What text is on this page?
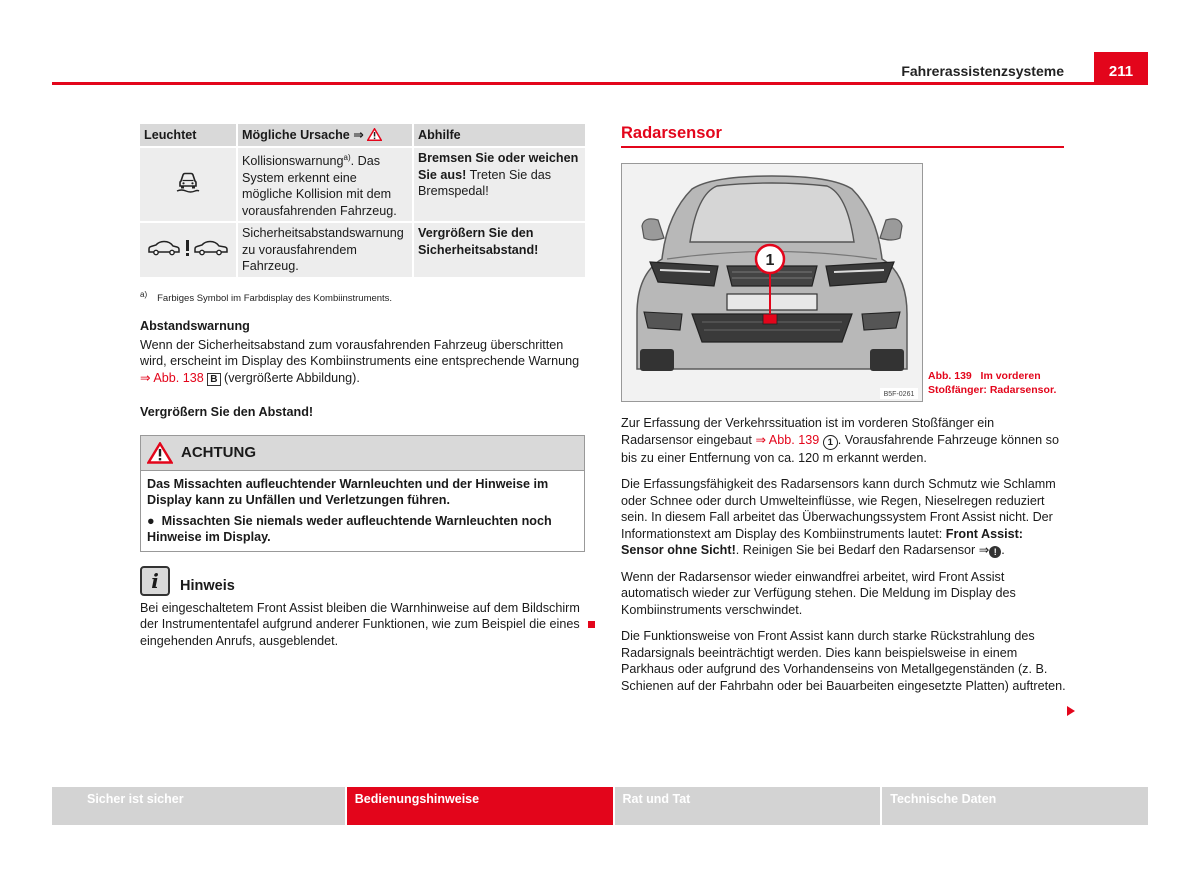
Fahrerassistenzsysteme	211
Leuchtet	Mögliche Ursache ⇒	Abhilfe
	Kollisionswarnung$^{a)}$. Das System erkennt eine mögliche Kollision mit dem vorausfahrenden Fahrzeug.	Bremsen Sie oder weichen Sie aus! Treten Sie das Bremspedal!
	Sicherheitsabstandswarnung zu vorausfahrendem Fahrzeug.	Vergrößern Sie den Sicherheitsabstand!
$^{a)}$ Farbiges Symbol im Farbdisplay des Kombiinstruments.
Abstandswarnung

Wenn der Sicherheitsabstand zum vorausfahrenden Fahrzeug überschritten wird, erscheint im Display des Kombiinstruments eine entsprechende Warnung ⇒ Abb. 138 B (vergrößerte Abbildung).

Vergrößern Sie den Abstand!

ACHTUNG

Das Missachten aufleuchtender Warnleuchten und der Hinweise im Display kann zu Unfällen und Verletzungen führen.

● Missachten Sie niemals weder aufleuchtende Warnleuchten noch Hinweise im Display.

i	Hinweis

Bei eingeschaltetem Front Assist bleiben die Warnhinweise auf dem Bildschirm der Instrumententafel aufgrund anderer Funktionen, wie zum Beispiel die eines eingehenden Anrufs, ausgeblendet.

Radarsensor
1
B5F-0261
Abb. 139 Im vorderen Stoßfänger: Radarsensor.

Zur Erfassung der Verkehrssituation ist im vorderen Stoßfänger ein Radarsensor eingebaut ⇒ Abb. 139 1 . Vorausfahrende Fahrzeuge können so bis zu einer Entfernung von ca. 120 m erkannt werden.

Die Erfassungsfähigkeit des Radarsensors kann durch Schmutz wie Schlamm oder Schnee oder durch Umwelteinflüsse, wie Regen, Nieselregen reduziert sein. In diesem Fall arbeitet das Überwachungssystem Front Assist nicht. Der Informationstext am Display des Kombiinstruments lautet: Front Assist: Sensor ohne Sicht!. Reinigen Sie bei Bedarf den Radarsensor ⇒ ! .

Wenn der Radarsensor wieder einwandfrei arbeitet, wird Front Assist automatisch wieder zur Verfügung stehen. Die Meldung im Display des Kombiinstruments verschwindet.

Die Funktionsweise von Front Assist kann durch starke Rückstrahlung des Radarsignals beeinträchtigt werden. Dies kann beispielsweise in einem Parkhaus oder aufgrund des Vorhandenseins von Metallgegenständen (z. B. Schienen auf der Fahrbahn oder bei Bauarbeiten eingesetzte Platten) auftreten.

Sicher ist sicher	Bedienungshinweise	Rat und Tat	Technische Daten
